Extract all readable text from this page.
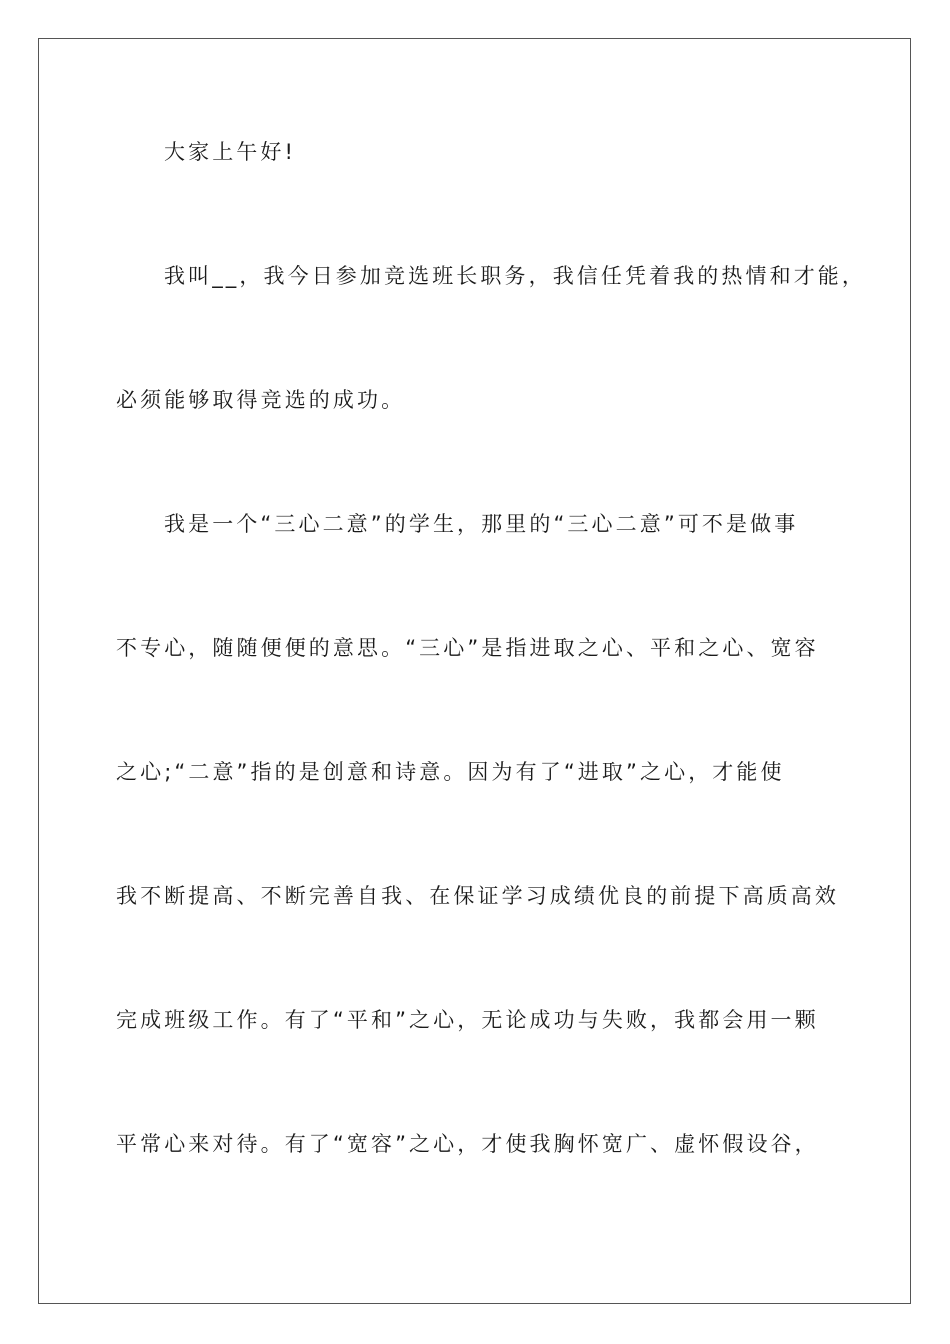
大家上午好!
我叫__，我今日参加竞选班长职务，我信任凭着我的热情和才能，
必须能够取得竞选的成功。
我是一个“三心二意”的学生，那里的“三心二意”可不是做事
不专心，随随便便的意思。“三心”是指进取之心、平和之心、宽容
之心;“二意”指的是创意和诗意。因为有了“进取”之心，才能使
我不断提高、不断完善自我、在保证学习成绩优良的前提下高质高效
完成班级工作。有了“平和”之心，无论成功与失败，我都会用一颗
平常心来对待。有了“宽容”之心，才使我胸怀宽广、虚怀假设谷，
